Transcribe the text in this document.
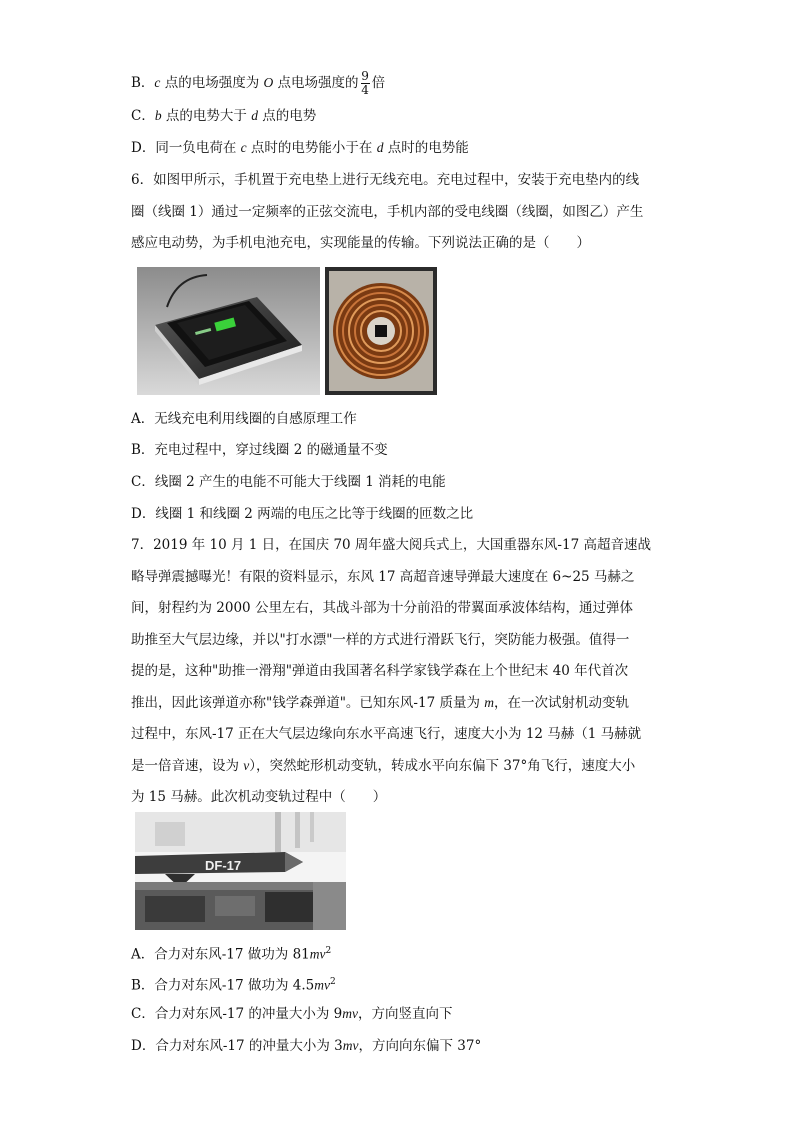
B．c 点的电场强度为 O 点电场强度的 $\frac{9}{4}$ 倍
C．b 点的电势大于 d 点的电势
D．同一负电荷在 c 点时的电势能小于在 d 点时的电势能
6．如图甲所示，手机置于充电垫上进行无线充电。充电过程中，安装于充电垫内的线
圈（线圈 1）通过一定频率的正弦交流电，手机内部的受电线圈（线圈，如图乙）产生
感应电动势，为手机电池充电，实现能量的传输。下列说法正确的是（　　）
A．无线充电利用线圈的自感原理工作
B．充电过程中，穿过线圈 2 的磁通量不变
C．线圈 2 产生的电能不可能大于线圈 1 消耗的电能
D．线圈 1 和线圈 2 两端的电压之比等于线圈的匝数之比
7．2019 年 10 月 1 日，在国庆 70 周年盛大阅兵式上，大国重器东风-17 高超音速战
略导弹震撼曝光！有限的资料显示，东风 17 高超音速导弹最大速度在 6~25 马赫之
间，射程约为 2000 公里左右，其战斗部为十分前沿的带翼面承波体结构，通过弹体
助推至大气层边缘，并以"打水漂"一样的方式进行滑跃飞行，突防能力极强。值得一
提的是，这种"助推一滑翔"弹道由我国著名科学家钱学森在上个世纪末 40 年代首次
推出，因此该弹道亦称"钱学森弹道"。已知东风-17 质量为 m，在一次试射机动变轨
过程中，东风-17 正在大气层边缘向东水平高速飞行，速度大小为 12 马赫（1 马赫就
是一倍音速，设为 v），突然蛇形机动变轨，转成水平向东偏下 37°角飞行，速度大小
为 15 马赫。此次机动变轨过程中（　　）
DF-17
A．合力对东风-17 做功为 $81mv^2$
B．合力对东风-17 做功为 $4.5mv^2$
C．合力对东风-17 的冲量大小为 9mv，方向竖直向下
D．合力对东风-17 的冲量大小为 3mv，方向向东偏下 37°
